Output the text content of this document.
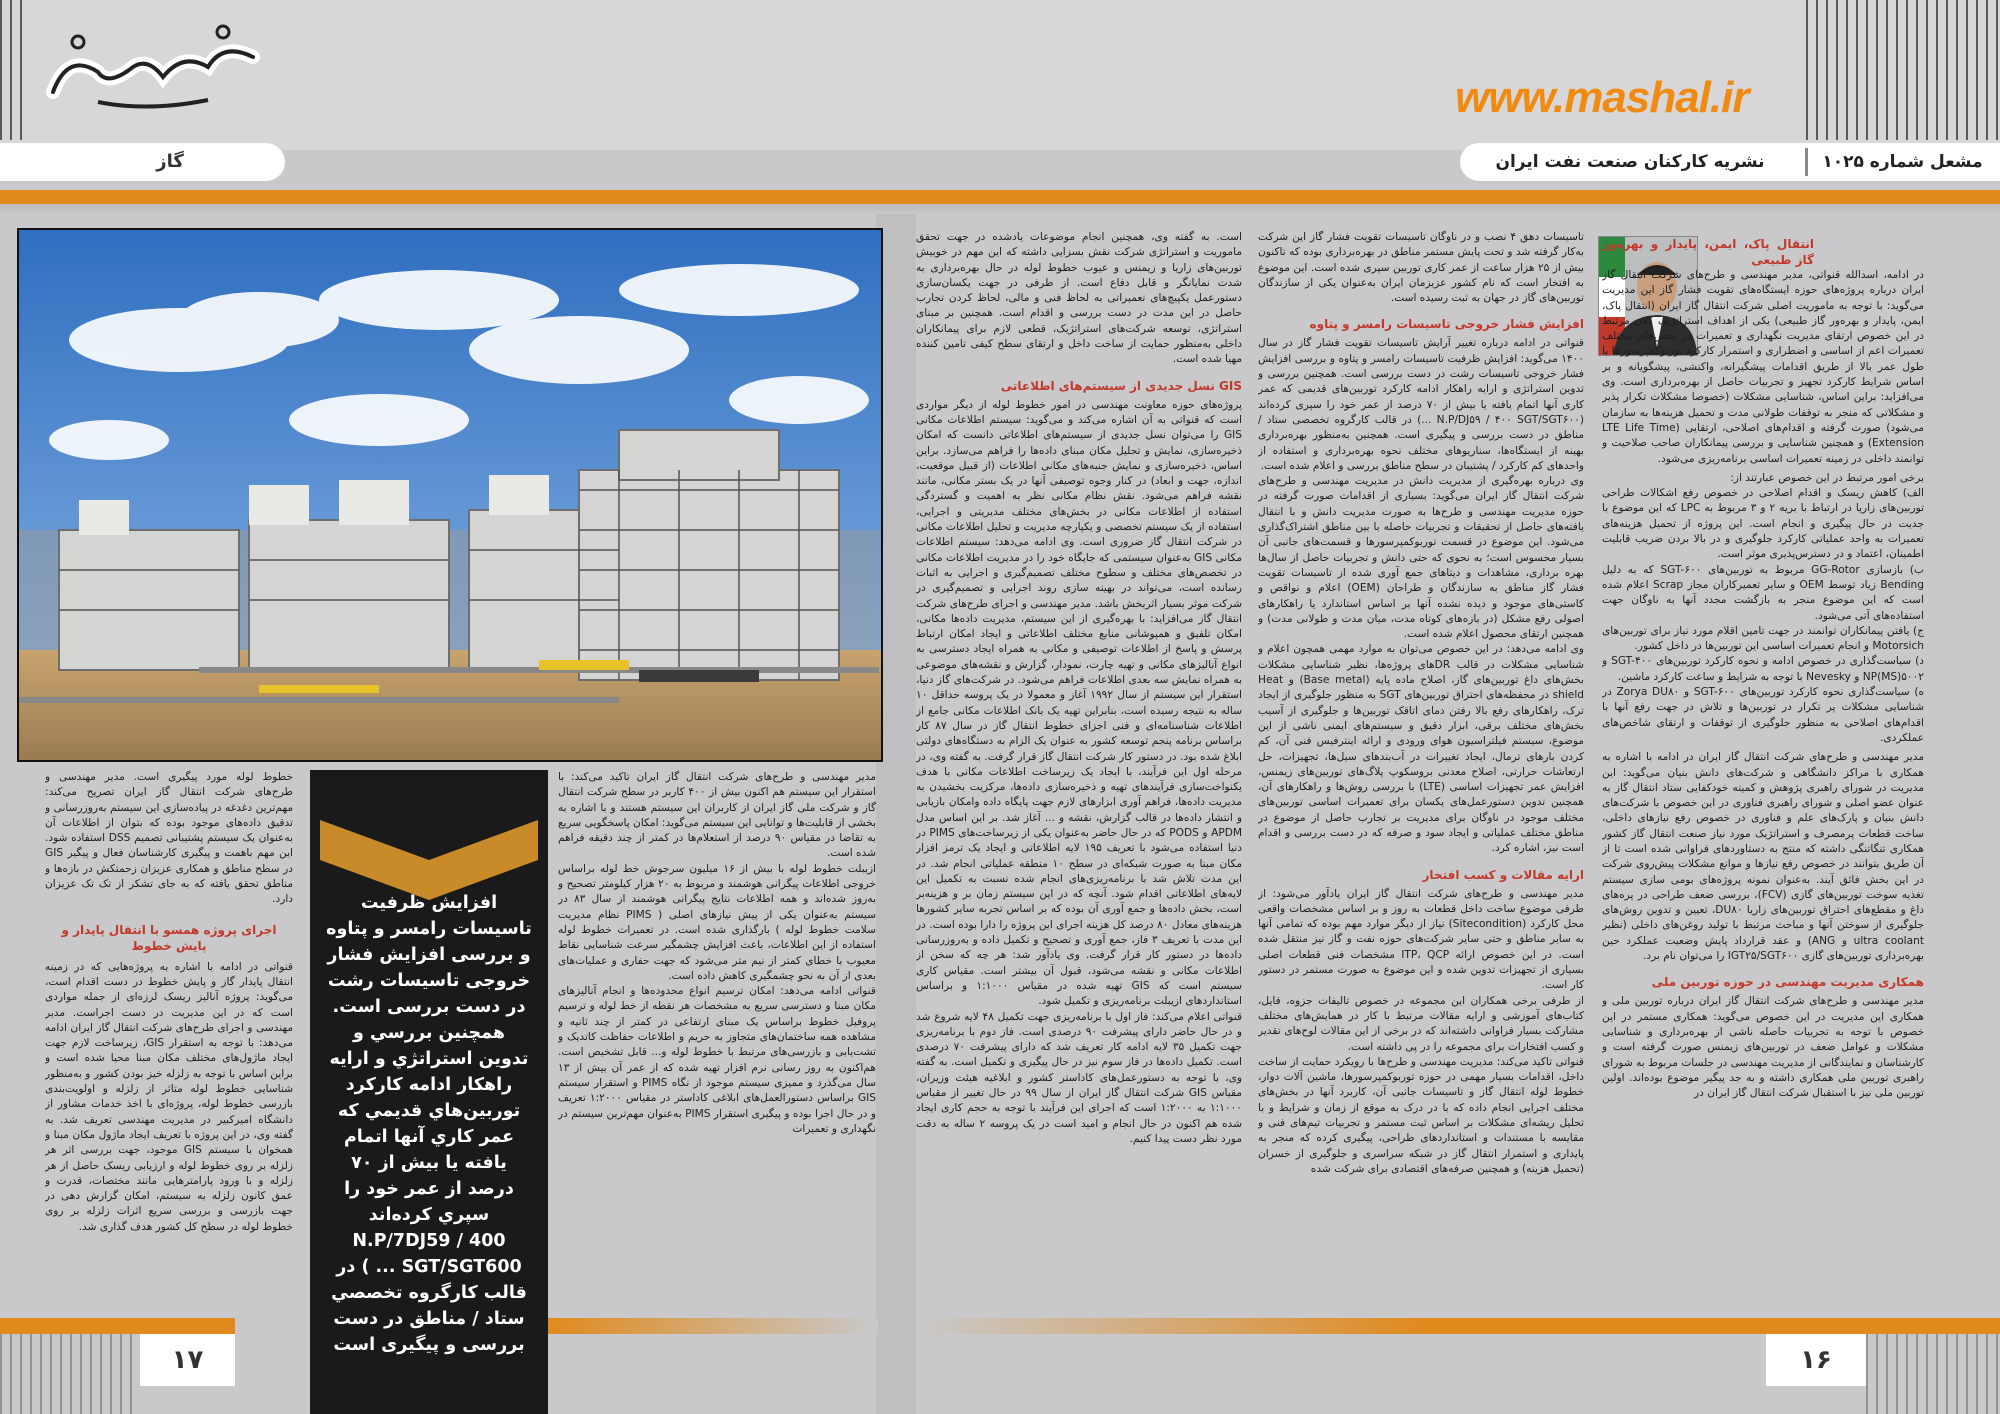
www.mashal.ir
گاز	نشریه کارکنان صنعت نفت ایران	مشعل شماره ۱۰۲۵
مدیر مهندسی و طرح‌های شرکت انتقال گاز ایران تاکید می‌کند: با استقرار این سیستم هم اکنون بیش از ۴۰۰ کاربر در سطح شرکت انتقال گاز و شرکت ملی گاز ایران از کاربران این سیستم هستند و با اشاره به بخشی از قابلیت‌ها و توانایی این سیستم می‌گوید: امکان پاسخگویی سریع به تقاضا در مقیاس ۹۰ درصد از استعلام‌ها در کمتر از چند دقیقه فراهم شده است.
ازیبلت خطوط لوله با بیش از ۱۶ میلیون سرجوش خط لوله براساس خروجی اطلاعات پیگرانی هوشمند و مربوط به ۲۰ هزار کیلومتر تصحیح و به‌روز شده‌اند و همه اطلاعات نتایج پیگرانی هوشمند از سال ۸۳ در سیستم به‌عنوان یکی از پیش نیازهای اصلی ( PIMS نظام مدیریت سلامت خطوط لوله ) بارگذاری شده است. در تعمیرات خطوط لوله استفاده از این اطلاعات، باعث افزایش چشمگیر سرعت شناسایی نقاط معیوب با خطای کمتر از نیم متر می‌شود که جهت حفاری و عملیات‌های بعدی از آن به نحو چشمگیری کاهش داده است.
قنواتی ادامه می‌دهد: امکان ترسیم انواع محدوده‌ها و انجام آنالیزهای مکان مبنا و دسترسی سریع به مشخصات هر نقطه از خط لوله و ترسیم پروفیل خطوط براساس یک مبنای ارتفاعی در کمتر از چند ثانیه و مشاهده همه ساختمان‌های متجاوز به حریم و اطلاعات حفاظت کاتدیک و تشت‌یابی و بازرسی‌های مرتبط با خطوط لوله و... قابل تشخیص است. هم‌اکنون به روز رسانی نرم افزار تهیه شده که از عمر آن بیش از ۱۳ سال می‌گذرد و ممیزی سیستم موجود از نگاه PIMS و استقرار سیستم GIS براساس دستورالعمل‌های ابلاغی کاداستر در مقیاس ۱:۲۰۰۰ تعریف و در حال اجرا بوده و پیگیری استقرار PIMS به‌عنوان مهم‌ترین سیستم در نگهداری و تعمیرات
افزایش ظرفیت تاسیسات رامسر و پتاوه و بررسی افزایش فشار خروجی تاسیسات رشت در دست بررسی است. همچنین بررسي و تدوين استراتژي و ارايه راهكار ادامه كاركرد توربين‌هاي قديمي كه عمر كاري آنها اتمام يافته يا بيش از ۷۰ درصد از عمر خود را سپري كرده‌اند N.P/7DJ59 / 400 SGT/SGT600 ... ) در قالب کارگروه تخصصي ستاد / مناطق در دست بررسی و پیگیری است
خطوط لوله مورد پیگیری است. مدیر مهندسی و طرح‌های شرکت انتقال گاز ایران تصریح می‌کند: مهم‌ترین دغدغه در پیاده‌سازی این سیستم به‌روزرسانی و تدقیق داده‌های موجود بوده که بتوان از اطلاعات آن به‌عنوان یک سیستم پشتیبانی تصمیم DSS استفاده شود. این مهم باهمت و پیگیری کارشناسان فعال و پیگیر GIS در سطح مناطق و همکاری عزیزان زحمتکش در بازه‌ها و مناطق تحقق یافته که به جای تشکر از تک تک عزیزان دارد.
اجرای پروژه همسو با انتقال پایدار و پایش خطوط
قنواتی در ادامه با اشاره به پروژه‌هایی که در زمینه انتقال پایدار گاز و پایش خطوط در دست اقدام است، می‌گوید: پروژه آنالیز ریسک لرزه‌ای از جمله مواردی است که در این مدیریت در دست اجراست. مدیر مهندسی و اجرای طرح‌های شرکت انتقال گاز ایران ادامه می‌دهد: با توجه به استقرار GIS، زیرساخت لازم جهت ایجاد ماژول‌های مختلف مکان مبنا محیا شده است و براین اساس با توجه به زلزله خیز بودن کشور و به‌منظور شناسایی خطوط لوله متاثر از زلزله و اولویت‌بندی بازرسی خطوط لوله، پروژه‌ای با اخذ خدمات مشاور از دانشگاه امیرکبیر در مدیریت مهندسی تعریف شد. به گفته وی، در این پروژه با تعریف ایجاد ماژول مکان مبنا و همخوان با سیستم GIS موجود، جهت بررسی اثر هر زلزله بر روی خطوط لوله و ارزیابی ریسک حاصل از هر زلزله و با ورود پارامترهایی مانند مختصات، قدرت و عمق کانون زلزله به سیستم، امکان گزارش دهی در جهت بازرسی و بررسی سریع اثرات زلزله بر روی خطوط لوله در سطح کل کشور هدف گذاری شد.
۱۷
انتقال پاک، ایمن، پایدار و بهره‌ور گاز طبیعی
در ادامه، اسدالله قنواتی، مدیر مهندسی و طرح‌های شرکت انتقال گاز ایران درباره پروژه‌های حوزه ایستگاه‌های تقویت فشار گاز این مدیریت می‌گوید: با توجه به ماموریت اصلی شرکت انتقال گاز ایران (انتقال پاک، ایمن، پایدار و بهره‌ور گاز طبیعی) یکی از اهداف استراتژیک کلان مرتبط در این خصوص ارتقای مدیریت نگهداری و تعمیرات در بخش‌های مختلف تعمیرات اعم از اساسی و اضطراری و استمرار کارکرد توربوکمپرسورها با طول عمر بالا از طریق اقدامات پیشگیرانه، واکنشی، پیشگویانه و بر اساس شرایط کارکرد تجهیز و تجربیات حاصل از بهره‌برداری است. وی می‌افزاید: براین اساس، شناسایی مشکلات (خصوصا مشکلات تکرار پذیر و مشکلاتی که منجر به توقفات طولانی مدت و تحمیل هزینه‌ها به سازمان می‌شود) صورت گرفته و اقدام‌های اصلاحی، ارتقایی (LTE Life Time Extension) و همچنین شناسایی و بررسی پیمانکاران صاحب صلاحیت و توانمند داخلی در زمینه تعمیرات اساسی برنامه‌ریزی می‌شود.
برخی امور مرتبط در این خصوص عبارتند از:
الف) کاهش ریسک و اقدام اصلاحی در خصوص رفع اشکالات طراحی توربین‌های زاریا در ارتباط با بریه ۲ و ۳ مربوط به LPC که این موضوع با جدیت در حال پیگیری و انجام است. این پروژه از تحمیل هزینه‌های تعمیرات به واحد عملیاتی کارکرد جلوگیری و در بالا بردن ضریب قابلیت اطمینان، اعتماد و در دسترس‌پذیری موثر است.
ب) بازسازی GG-Rotor مربوط به توربین‌های SGT-۶۰۰ که به دلیل Bending زیاد توسط OEM و سایر تعمیرکاران مجاز Scrap اعلام شده است که این موضوع منجر به بازگشت مجدد آنها به ناوگان جهت استفاده‌های آتی می‌شود.
ج) یافتن پیمانکاران توانمند در جهت تامین اقلام مورد نیاز برای توربین‌های Motorsich و انجام تعمیرات اساسی این توربین‌ها در داخل کشور.
د) سیاست‌گذاری در خصوص ادامه و نحوه کارکرد توربین‌های SGT-۴۰۰ و NP(MS)۵۰۰۲ و Nevesky با توجه به شرایط و ساعت کارکرد ماشین.
ه) سیاست‌گذاری نحوه کارکرد توربین‌های SGT-۶۰۰ و Zorya DU۸۰ در شناسایی مشکلات پر تکرار در توربین‌ها و تلاش در جهت رفع آنها با اقدام‌های اصلاحی به منظور جلوگیری از توقفات و ارتقای شاخص‌های عملکردی.
مدیر مهندسی و طرح‌های شرکت انتقال گاز ایران در ادامه با اشاره به همکاری با مراکز دانشگاهی و شرکت‌های دانش بنیان می‌گوید: این مدیریت در شورای راهبری پژوهش و کمیته خودکفایی ستاد انتقال گاز به عنوان عضو اصلی و شورای راهبری فناوری در این خصوص با شرکت‌های دانش بنیان و پارک‌های علم و فناوری در خصوص رفع نیازهای داخلی، ساخت قطعات پرمصرف و استراتژیک مورد نیاز صنعت انتقال گاز کشور همکاری تنگاتنگی داشته که منتج به دستاوردهای فراوانی شده است تا از آن طریق بتوانند در خصوص رفع نیازها و موانع مشکلات پیش‌روی شرکت در این بخش فائق آیند. به‌عنوان نمونه پروژه‌های بومی سازی سیستم تغذیه سوخت توربین‌های گازی (FCV)، بررسی ضعف طراحی در پره‌های داغ و مقطع‌های احتراق توربین‌های زاریا DU۸۰، تعیین و تدوین روش‌های جلوگیری از سوختن آنها و مباحث مرتبط با تولید روغن‌های داخلی (نظیر ultra coolant و ANG) و عقد قرارداد پایش وضعیت عملکرد حین بهره‌برداری توربین‌های گازی IGT۲۵/SGT۶۰۰ را می‌توان نام برد.
همکاری مدیریت مهندسی در حوزه توربین ملی
مدیر مهندسی و طرح‌های شرکت انتقال گاز ایران درباره توربین ملی و همکاری این مدیریت در این خصوص می‌گوید: همکاری مستمر در این خصوص با توجه به تجربیات حاصله ناشی از بهره‌برداری و شناسایی مشکلات و عوامل ضعف در توربین‌های زیمنس صورت گرفته است و کارشناسان و نمایندگانی از مدیریت مهندسی در جلسات مربوط به شورای راهبری توربین ملی همکاری داشته و به جد پیگیر موضوع بوده‌اند. اولین توربین ملی نیز با استقبال شرکت انتقال گاز ایران در
تاسیسات دهق ۴ نصب و در ناوگان تاسیسات تقویت فشار گاز این شرکت به‌کار گرفته شد و تحت پایش مستمر مناطق در بهره‌برداری بوده که تاکنون بیش از ۲۵ هزار ساعت از عمر کاری توربین سپری شده است. این موضوع به افتخار است که نام کشور عزیزمان ایران به‌عنوان یکی از سازندگان توربین‌های گاز در جهان به ثبت رسیده است.
افزایش فشار خروجی تاسیسات رامسر و پتاوه
قنواتی در ادامه درباره تغییر آرایش تاسیسات تقویت فشار گاز در سال ۱۴۰۰ می‌گوید: افزایش ظرفیت تاسیسات رامسر و پتاوه و بررسی افزایش فشار خروجی تاسیسات رشت در دست بررسی است. همچنین بررسی و تدوین استراتژی و ارایه راهکار ادامه کارکرد توربین‌های قدیمی که عمر کاری آنها اتمام یافته یا بیش از ۷۰ درصد از عمر خود را سپری کرده‌اند (N.P/DJ۵۹ / ۴۰۰ SGT/SGT۶۰۰ ...) در قالب کارگروه تخصصی ستاد / مناطق در دست بررسی و پیگیری است. همچنین به‌منظور بهره‌برداری بهینه از ایستگاه‌ها، سناریوهای مختلف نحوه بهره‌برداری و استفاده از واحدهای کم کارکرد / پشتیبان در سطح مناطق بررسی و اعلام شده است.
وی درباره بهره‌گیری از مدیریت دانش در مدیریت مهندسی و طرح‌های شرکت انتقال گاز ایران می‌گوید: بسیاری از اقدامات صورت گرفته در حوزه مدیریت مهندسی و طرح‌ها به صورت مدیریت دانش و با انتقال یافته‌های حاصل از تحقیقات و تجربیات حاصله با بین مناطق اشتراک‌گذاری می‌شود. این موضوع در قسمت توربوکمپرسورها و قسمت‌های جانبی آن بسیار محسوس است؛ به نحوی که حتی دانش و تجربیات حاصل از سال‌ها بهره برداری، مشاهدات و دیتاهای جمع آوری شده از تاسیسات تقویت فشار گاز مناطق به سازندگان و طراحان (OEM) اعلام و نواقص و کاستی‌های موجود و دیده نشده آنها بر اساس استاندارد یا راهکارهای اصولی رفع مشکل (در بازه‌های کوتاه مدت، میان مدت و طولانی مدت) و همچنین ارتقای محصول اعلام شده است.
وی ادامه می‌دهد: در این خصوص می‌توان به موارد مهمی همچون اعلام و شناسایی مشکلات در قالب DRهای پروژه‌ها، نظیر شناسایی مشکلات بخش‌های داغ توربین‌های گاز، اصلاح ماده پایه (Base metal) و Heat shield در محفظه‌های احتراق توربین‌های SGT به منظور جلوگیری از ایجاد ترک، راهکارهای رفع بالا رفتن دمای اتاقک توربین‌ها و جلوگیری از آسیب بخش‌های مختلف برقی، ابزار دقیق و سیستم‌های ایمنی ناشی از این موضوع، سیستم فیلتراسیون هوای ورودی و ارائه اینترفیس فنی آن، کم کردن بارهای ترمال، ایجاد تغییرات در آب‌بندهای سیل‌ها، تجهیزات، حل ارتعاشات حرارتی، اصلاح معدنی بروسکوپ پلاگ‌های توربین‌های زیمنس، افزایش عمر تجهیزات اساسی (LTE) با بررسی روش‌ها و راهکارهای آن، همچنین تدوین دستورعمل‌های یکسان برای تعمیرات اساسی توربین‌های مختلف موجود در ناوگان برای مدیریت بر تجارب حاصل از موضوع در مناطق مختلف عملیاتی و ایجاد سود و صرفه که در دست بررسی و اقدام است نیز، اشاره کرد.
ارایه مقالات و کسب افتخار
مدیر مهندسی و طرح‌های شرکت انتقال گاز ایران یادآور می‌شود: از طرفی موضوع ساخت داخل قطعات به روز و بر اساس مشخصات واقعی محل کارکرد (Sitecondition) نیاز از دیگر موارد مهم بوده که تمامی آنها به سایر مناطق و حتی سایر شرکت‌های حوزه نفت و گاز نیز منتقل شده است. در این خصوص ارائه ITP، QCP مشخصات فنی قطعات اصلی بسیاری از تجهیزات تدوین شده و این موضوع به صورت مستمر در دستور کار است.
از طرفی برخی همکاران این مجموعه در خصوص تالیفات جزوه، فایل، کتاب‌های آموزشی و ارایه مقالات مرتبط با کار در همایش‌های مختلف مشارکت بسیار فراوانی داشته‌اند که در برخی از این مقالات لوح‌های تقدیر و کسب افتخارات برای مجموعه را در پی داشته است.
قنواتی تاکید می‌کند: مدیریت مهندسی و طرح‌ها با رویکرد حمایت از ساخت داخل، اقدامات بسیار مهمی در حوزه توربوکمپرسورها، ماشین آلات دوار، خطوط لوله انتقال گاز و تاسیسات جانبی آن، کاربرد آنها در بخش‌های مختلف اجرایی انجام داده که با در درک به موقع از زمان و شرایط و با تحلیل ریشه‌ای مشکلات بر اساس ثبت مستمر و تجربیات تیم‌های فنی و مقایسه با مستندات و استانداردهای طراحی، پیگیری کرده که منجر به پایداری و استمرار انتقال گاز در شبکه سراسری و جلوگیری از خسران (تحمیل هزینه) و همچنین صرفه‌های اقتصادی برای شرکت شده
است. به گفته وی، همچنین انجام موضوعات یادشده در جهت تحقق ماموریت و استراتژی شرکت نقش بسزایی داشته که این مهم در خوبیش توربین‌های زاریا و زیمنس و عیوب خطوط لوله در حال بهره‌برداری به شدت نمایانگر و قابل دفاع است. از طرفی در جهت یکسان‌سازی دستورعمل یکپیچ‌های تعمیراتی به لحاظ فنی و مالی، لحاظ کردن تجارب حاصل در این مدت در دست بررسی و اقدام است. همچنین بر مبنای استراتژی، توسعه شرکت‌های استراتژیک، قطعی لازم برای پیمانکاران داخلی به‌منظور حمایت از ساخت داخل و ارتقای سطح کیفی تامین کننده مهیا شده است.
GIS نسل جدیدی از سیستم‌های اطلاعاتی
پروژه‌های حوزه معاونت مهندسی در امور خطوط لوله از دیگر مواردی است که قنواتی به آن اشاره می‌کند و می‌گوید: سیستم اطلاعات مکانی GIS را می‌توان نسل جدیدی از سیستم‌های اطلاعاتی دانست که امکان ذخیره‌سازی، نمایش و تحلیل مکان مبنای داده‌ها را فراهم می‌سازد. براین اساس، ذخیره‌سازی و نمایش جنبه‌های مکانی اطلاعات (از قبیل موقعیت، اندازه، جهت و ابعاد) در کنار وجوه توصیفی آنها در یک بستر مکانی، مانند نقشه فراهم می‌شود. نقش نظام مکانی نظر به اهمیت و گستردگی استفاده از اطلاعات مکانی در بخش‌های مختلف مدیریتی و اجرایی، استفاده از یک سیستم تخصصی و یکپارچه مدیریت و تحلیل اطلاعات مکانی در شرکت انتقال گاز ضروری است. وی ادامه می‌دهد: سیستم اطلاعات مکانی GIS به‌عنوان سیستمی که جایگاه خود را در مدیریت اطلاعات مکانی در تخصص‌های مختلف و سطوح مختلف تصمیم‌گیری و اجرایی به اثبات رسانده است، می‌تواند در بهینه سازی روند اجرایی و تصمیم‌گیری در شرکت موثر بسیار اثربخش باشد. مدیر مهندسی و اجرای طرح‌های شرکت انتقال گاز می‌افزاید: با بهره‌گیری از این سیستم، مدیریت داده‌ها مکانی، امکان تلفیق و همپوشانی منابع مختلف اطلاعاتی و ایجاد امکان ارتباط پرسش و پاسخ از اطلاعات توصیفی و مکانی به همراه ایجاد دسترسی به انواع آنالیزهای مکانی و تهیه چارت، نمودار، گزارش و نقشه‌های موضوعی به همراه نمایش سه بعدی اطلاعات فراهم می‌شود. در شرکت‌های گاز دنیا، استقرار این سیستم از سال ۱۹۹۲ آغاز و معمولا در یک پروسه حداقل ۱۰ ساله به نتیجه رسیده است، بنابراین تهیه یک بانک اطلاعات مکانی جامع از اطلاعات شناسنامه‌ای و فنی اجزای خطوط انتقال گاز در سال ۸۷ کار براساس برنامه پنجم توسعه کشور به عنوان یک الزام به دستگاه‌های دولتی ابلاغ شده بود. در دستور کار شرکت انتقال گاز قرار گرفت. به گفته وی، در مرحله اول این فرآیند، با ایجاد یک زیرساخت اطلاعات مکانی با هدف یکنواخت‌سازی فرآیندهای تهیه و ذخیره‌سازی داده‌ها، مرکزیت بخشیدن به مدیریت داده‌ها، فراهم آوری ابزارهای لازم جهت پایگاه داده وامکان بازیابی و انتشار داده‌ها در قالب گزارش، نقشه و ... آغاز شد. بر این اساس مدل APDM و PODS که در حال حاضر به‌عنوان یکی از زیرساخت‌های PIMS در دنیا استفاده می‌شود با تعریف ۱۹۵ لایه اطلاعاتی و ایجاد یک ترمز افزار مکان مبنا به صورت شبکه‌ای در سطح ۱۰ منطقه عملیاتی انجام شد. در این مدت تلاش شد با برنامه‌ریزی‌های انجام شده نسبت به تکمیل این لایه‌های اطلاعاتی اقدام شود. آنچه که در این سیستم زمان بر و هزینه‌بر است، بخش داده‌ها و جمع آوری آن بوده که بر اساس تجربه سایر کشورها هزینه‌های معادل ۸۰ درصد کل هزینه اجرای این پروژه را دارا بوده است. در این مدت با تعریف ۳ فاز، جمع آوری و تصحیح و تکمیل داده و به‌روزرسانی داده‌ها در دستور کار قرار گرفت. وی یادآور شد: هر چه که سخن از اطلاعات مکانی و نقشه می‌شود، قبول آن بیشتر است. مقیاس کاری سیستم است که GIS تهیه شده در مقیاس ۱:۱۰۰۰ و براساس استانداردهای ازیبلت برنامه‌ریزی و تکمیل شود.
قنواتی اعلام می‌کند: فاز اول با برنامه‌ریزی جهت تکمیل ۴۸ لایه شروع شد و در حال حاضر دارای پیشرفت ۹۰ درصدی است. فاز دوم با برنامه‌ریزی جهت تکمیل ۳۵ لایه ادامه کار تعریف شد که دارای پیشرفت ۷۰ درصدی است. تکمیل داده‌ها در فاز سوم نیز در حال پیگیری و تکمیل است. به گفته وی، با توجه به دستورعمل‌های کاداستر کشور و ابلاغیه هیئت وزیران، مقیاس GIS شرکت انتقال گاز ایران از سال ۹۹ در حال تغییر از مقیاس ۱:۱۰۰۰ به ۱:۲۰۰۰ است که اجرای این فرآیند با توجه به حجم کاری ایجاد شده هم اکنون در حال انجام و امید است در یک پروسه ۲ ساله به دقت مورد نظر دست پیدا کنیم.
۱۶
